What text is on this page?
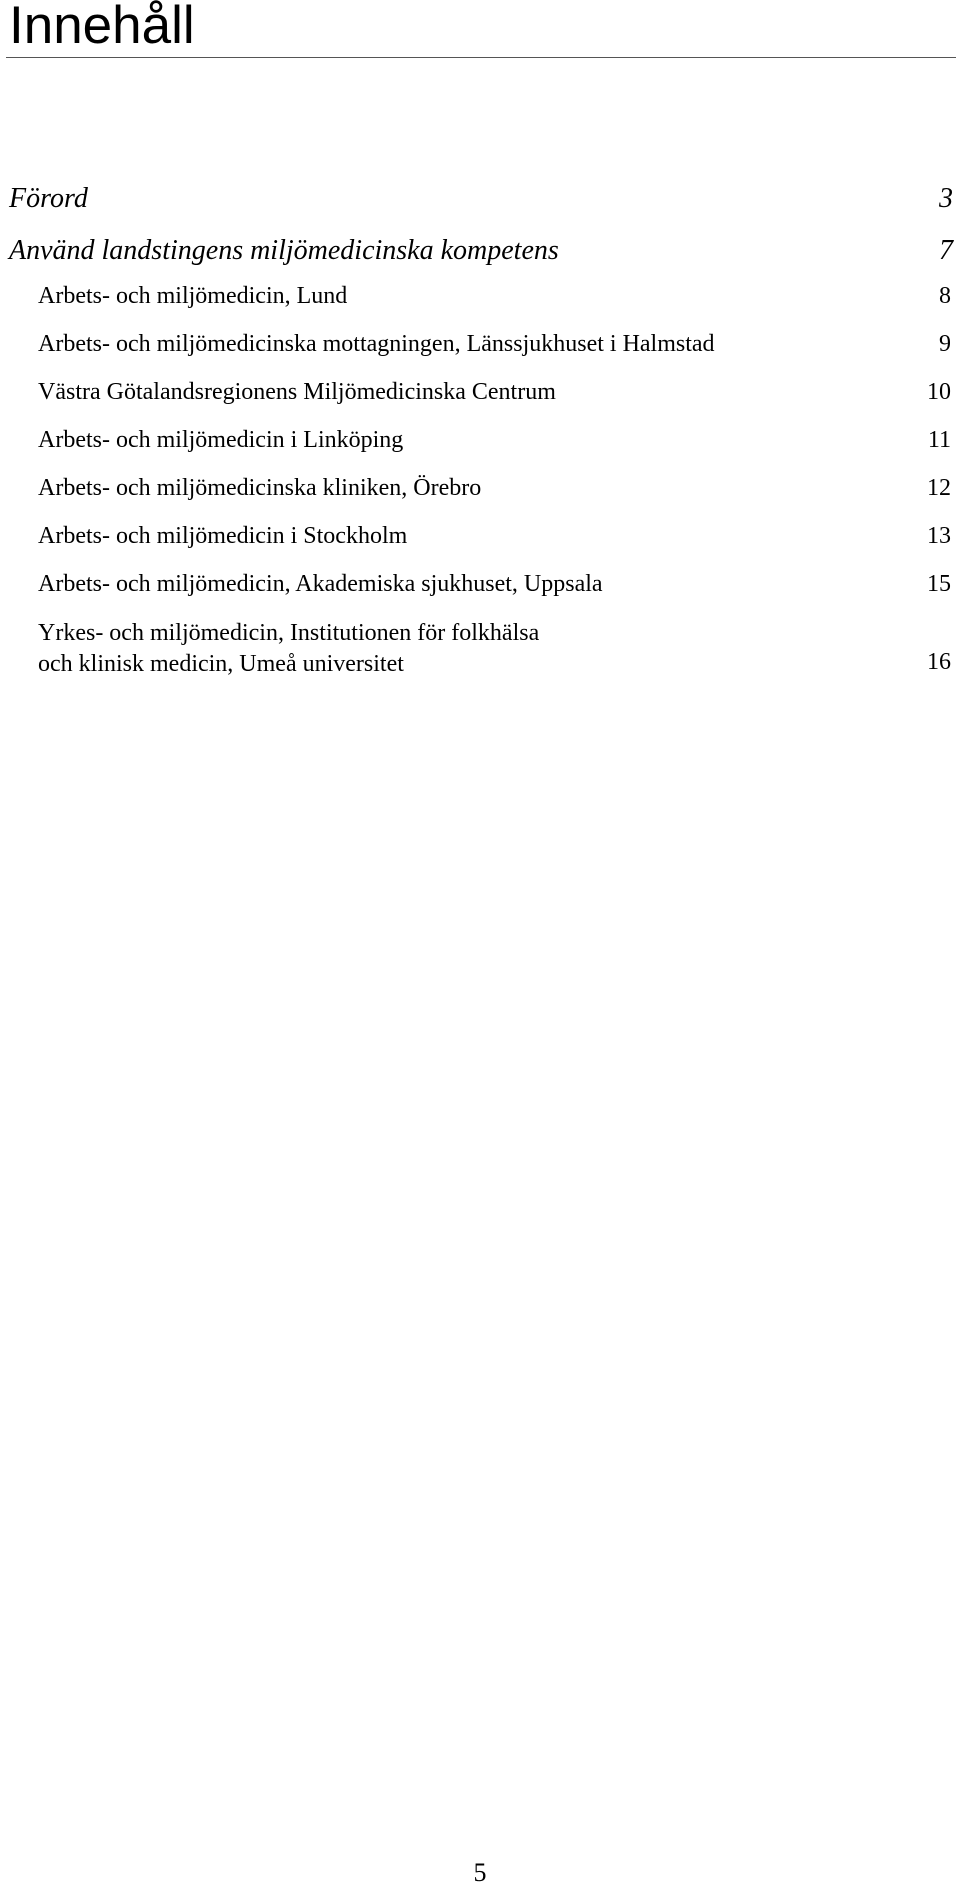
Innehåll
Förord	3
Använd landstingens miljömedicinska kompetens	7
Arbets- och miljömedicin, Lund	8
Arbets- och miljömedicinska mottagningen, Länssjukhuset i Halmstad	9
Västra Götalandsregionens Miljömedicinska Centrum	10
Arbets- och miljömedicin i Linköping	11
Arbets- och miljömedicinska kliniken, Örebro	12
Arbets- och miljömedicin i Stockholm	13
Arbets- och miljömedicin, Akademiska sjukhuset, Uppsala	15
Yrkes- och miljömedicin, Institutionen för folkhälsa
och klinisk medicin, Umeå universitet	16
5
